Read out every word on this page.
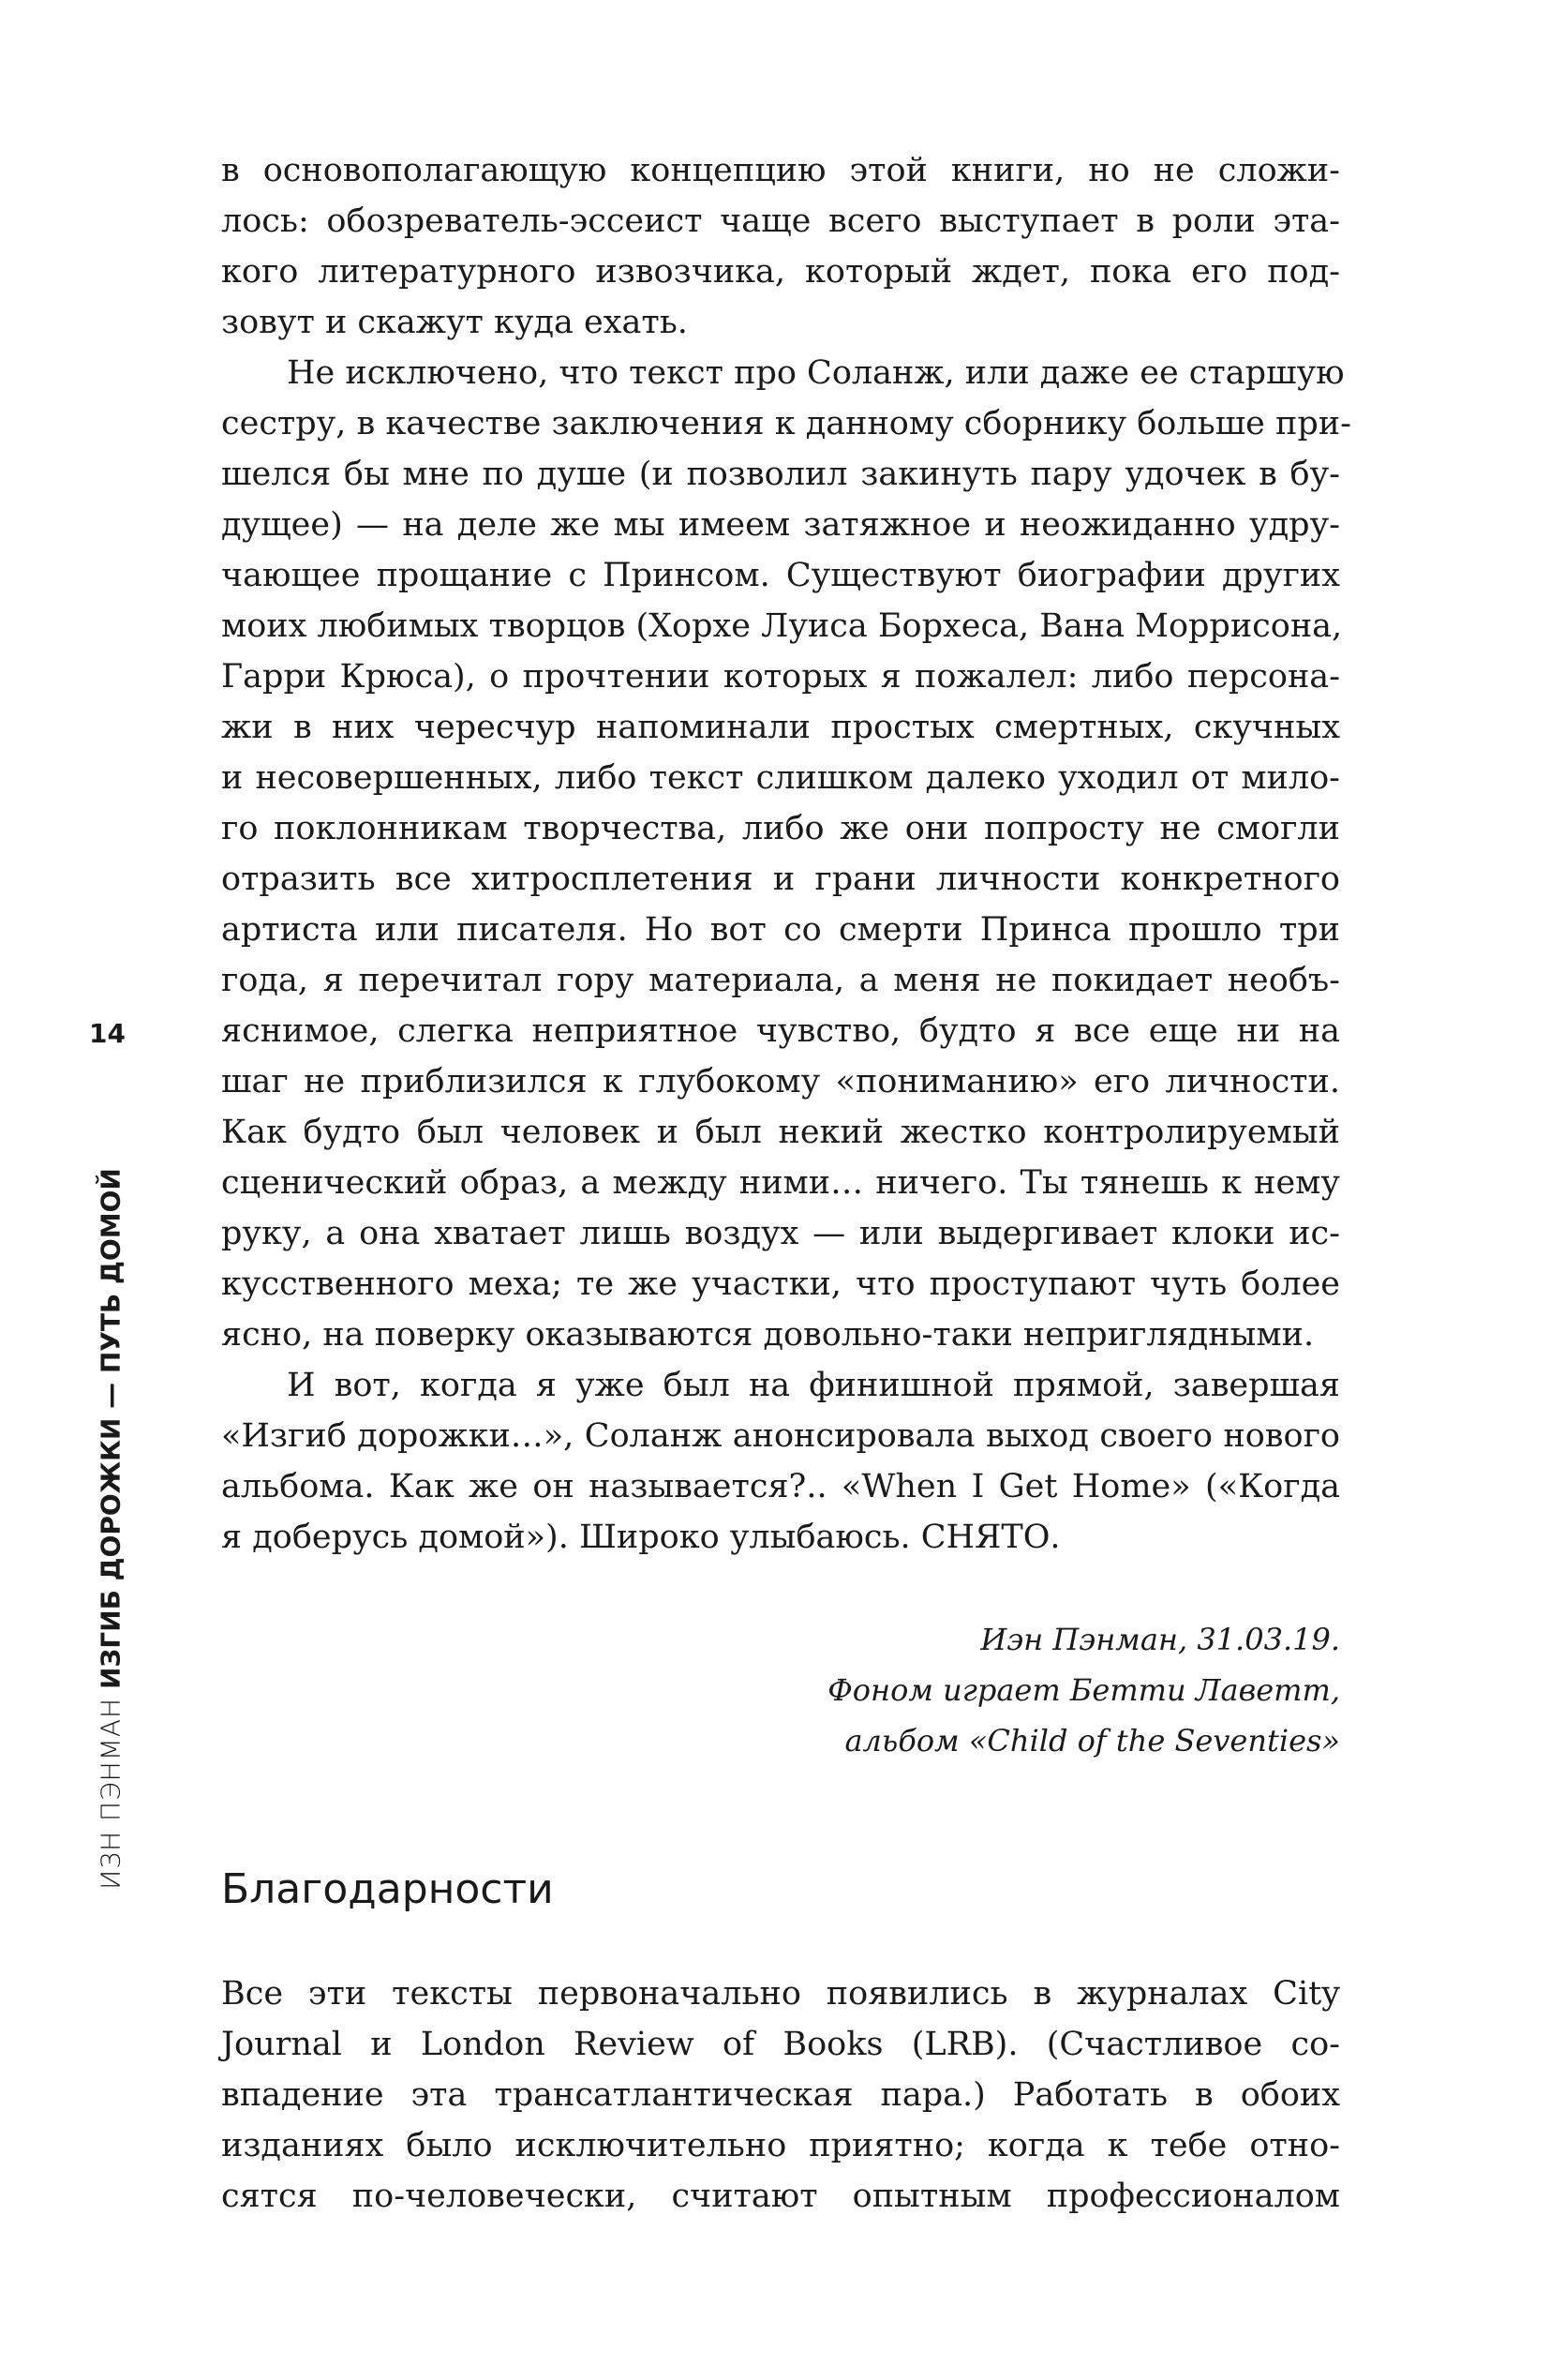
14
ИЗН ПЭНМАН ИЗГИБ ДОРОЖКИ — ПУТЬ ДОМОЙ
в основополагающую концепцию этой книги, но не сложи-
лось: обозреватель-эссеист чаще всего выступает в роли эта-
кого литературного извозчика, который ждет, пока его под-
зовут и скажут куда ехать.
Не исключено, что текст про Соланж, или даже ее старшую
сестру, в качестве заключения к данному сборнику больше при-
шелся бы мне по душе (и позволил закинуть пару удочек в бу-
дущее) — на деле же мы имеем затяжное и неожиданно удру-
чающее прощание с Принсом. Существуют биографии других
моих любимых творцов (Хорхе Луиса Борхеса, Вана Моррисона,
Гарри Крюса), о прочтении которых я пожалел: либо персона-
жи в них чересчур напоминали простых смертных, скучных
и несовершенных, либо текст слишком далеко уходил от мило-
го поклонникам творчества, либо же они попросту не смогли
отразить все хитросплетения и грани личности конкретного
артиста или писателя. Но вот со смерти Принса прошло три
года, я перечитал гору материала, а меня не покидает необъ-
яснимое, слегка неприятное чувство, будто я все еще ни на
шаг не приблизился к глубокому «пониманию» его личности.
Как будто был человек и был некий жестко контролируемый
сценический образ, а между ними… ничего. Ты тянешь к нему
руку, а она хватает лишь воздух — или выдергивает клоки ис-
кусственного меха; те же участки, что проступают чуть более
ясно, на поверку оказываются довольно-таки неприглядными.
И вот, когда я уже был на финишной прямой, завершая
«Изгиб дорожки…», Соланж анонсировала выход своего нового
альбома. Как же он называется?.. «When I Get Home» («Когда
я доберусь домой»). Широко улыбаюсь. СНЯТО.
Иэн Пэнман, 31.03.19.
Фоном играет Бетти Лаветт,
альбом «Child of the Seventies»
Благодарности
Все эти тексты первоначально появились в журналах City
Journal и London Review of Books (LRB). (Счастливое со-
впадение эта трансатлантическая пара.) Работать в обоих
изданиях было исключительно приятно; когда к тебе отно-
сятся по-человечески, считают опытным профессионалом
